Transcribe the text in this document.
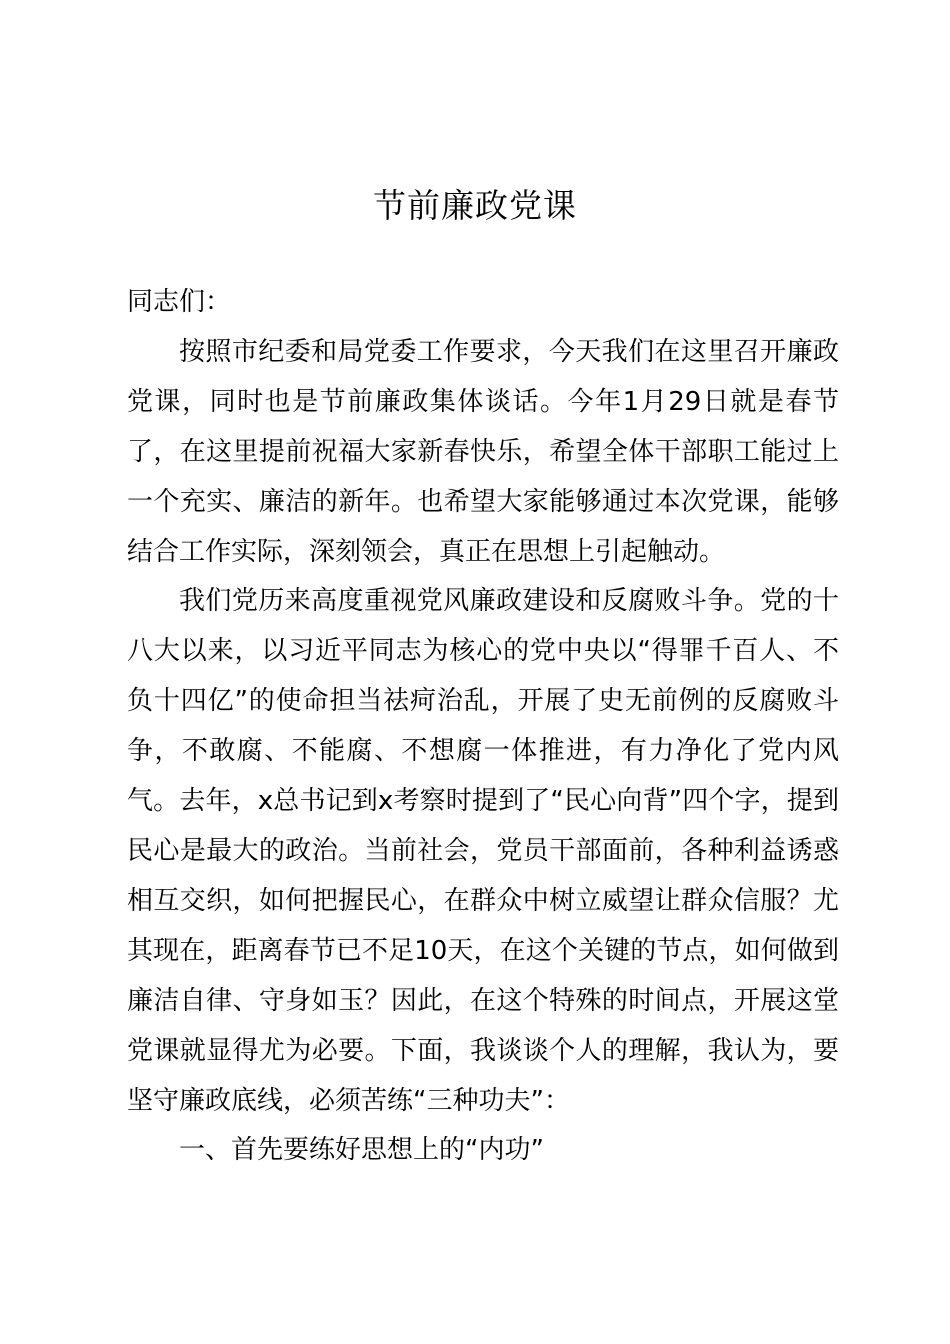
节前廉政党课

同志们：

按照市纪委和局党委工作要求，今天我们在这里召开廉政党课，同时也是节前廉政集体谈话。今年1月29日就是春节了，在这里提前祝福大家新春快乐，希望全体干部职工能过上一个充实、廉洁的新年。也希望大家能够通过本次党课，能够结合工作实际，深刻领会，真正在思想上引起触动。

我们党历来高度重视党风廉政建设和反腐败斗争。党的十八大以来，以习近平同志为核心的党中央以“得罪千百人、不负十四亿”的使命担当祛疴治乱，开展了史无前例的反腐败斗争，不敢腐、不能腐、不想腐一体推进，有力净化了党内风气。去年，x总书记到x考察时提到了“民心向背”四个字，提到民心是最大的政治。当前社会，党员干部面前，各种利益诱惑相互交织，如何把握民心，在群众中树立威望让群众信服？尤其现在，距离春节已不足10天，在这个关键的节点，如何做到廉洁自律、守身如玉？因此，在这个特殊的时间点，开展这堂党课就显得尤为必要。下面，我谈谈个人的理解，我认为，要坚守廉政底线，必须苦练“三种功夫”：

一、首先要练好思想上的“内功”
